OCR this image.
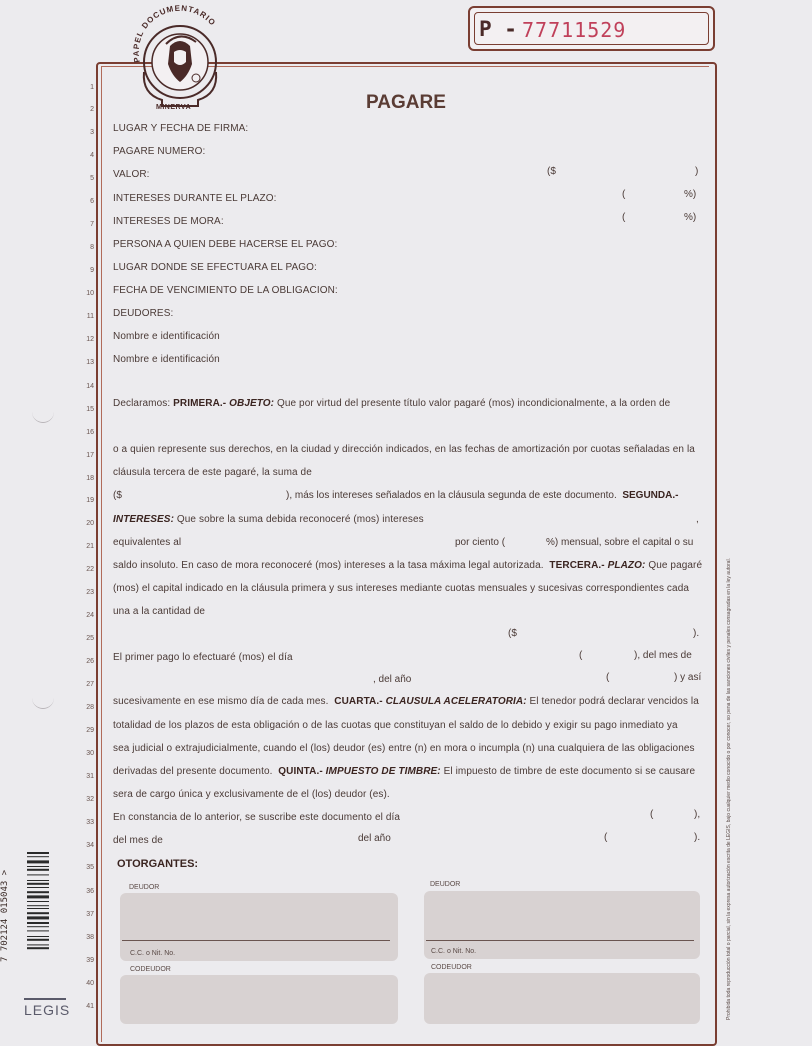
P - 77711529
PAPEL DOCUMENTARIO
MINERVA	PAGARE
1
2
3
4
5
6
7
8
9
10
11
12
13
14
15
16
17
18
19
20
21
22
23
24
25
26
27
28
29
30
31
32
33
34
35
36
37
38
39
40
41
LUGAR Y FECHA DE FIRMA:
PAGARE NUMERO:
VALOR:	($	)
INTERESES DURANTE EL PLAZO:	(	%)
INTERESES DE MORA:	(	%)
PERSONA A QUIEN DEBE HACERSE EL PAGO:
LUGAR DONDE SE EFECTUARA EL PAGO:
FECHA DE VENCIMIENTO DE LA OBLIGACION:
DEUDORES:
Nombre e identificación
Nombre e identificación
Declaramos: PRIMERA.- OBJETO: Que por virtud del presente título valor pagaré (mos) incondicionalmente, a la orden de
o a quien represente sus derechos, en la ciudad y dirección indicados, en las fechas de amortización por cuotas señaladas en la
cláusula tercera de este pagaré, la suma de
($	), más los intereses señalados en la cláusula segunda de este documento. SEGUNDA.-
INTERESES: Que sobre la suma debida reconoceré (mos) intereses	,
equivalentes al	por ciento (	%) mensual, sobre el capital o su
saldo insoluto. En caso de mora reconoceré (mos) intereses a la tasa máxima legal autorizada. TERCERA.- PLAZO: Que pagaré
(mos) el capital indicado en la cláusula primera y sus intereses mediante cuotas mensuales y sucesivas correspondientes cada
una a la cantidad de
($	).
El primer pago lo efectuaré (mos) el día	(	), del mes de
, del año	(	) y así
sucesivamente en ese mismo día de cada mes. CUARTA.- CLAUSULA ACELERATORIA: El tenedor podrá declarar vencidos la
totalidad de los plazos de esta obligación o de las cuotas que constituyan el saldo de lo debido y exigir su pago inmediato ya
sea judicial o extrajudicialmente, cuando el (los) deudor (es) entre (n) en mora o incumpla (n) una cualquiera de las obligaciones
derivadas del presente documento. QUINTA.- IMPUESTO DE TIMBRE: El impuesto de timbre de este documento si se causare
sera de cargo única y exclusivamente de el (los) deudor (es).
En constancia de lo anterior, se suscribe este documento el día	(	),
del mes de	del año	(	).
OTORGANTES:
DEUDOR	DEUDOR
C.C. o Nit. No.	C.C. o Nit. No.
CODEUDOR	CODEUDOR
7 702124 015043 >
LEGIS	Prohibida toda reproducción total o parcial, sin la expresa autorización escrita de LEGIS, bajo cualquier medio conocido o por conocer, so pena de las sanciones civiles y penales consagradas en la ley autoral.
